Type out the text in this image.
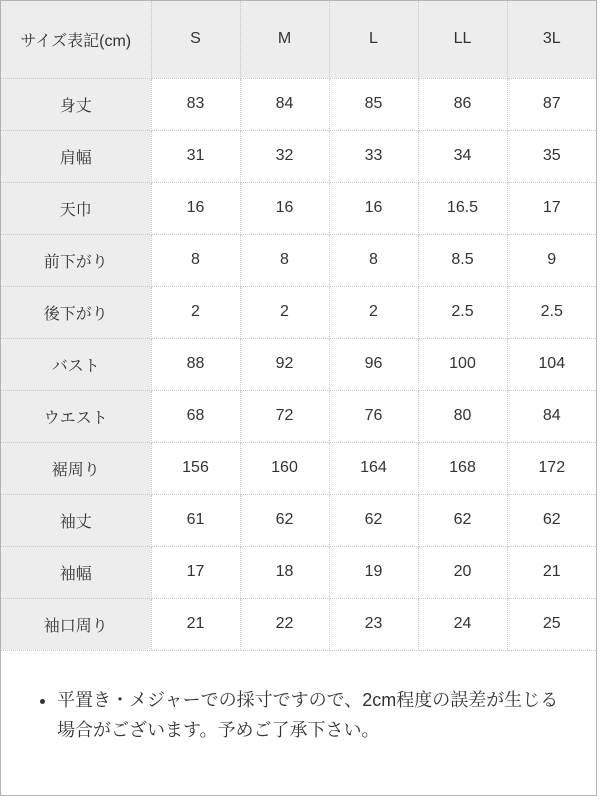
サイズ表記(cm)	S	M	L	LL	3L
身丈	83	84	85	86	87
肩幅	31	32	33	34	35
天巾	16	16	16	16.5	17
前下がり	8	8	8	8.5	9
後下がり	2	2	2	2.5	2.5
バスト	88	92	96	100	104
ウエスト	68	72	76	80	84
裾周り	156	160	164	168	172
袖丈	61	62	62	62	62
袖幅	17	18	19	20	21
袖口周り	21	22	23	24	25
• 平置き・メジャーでの採寸ですので、2cm程度の誤差が生じる
場合がございます。予めご了承下さい。
